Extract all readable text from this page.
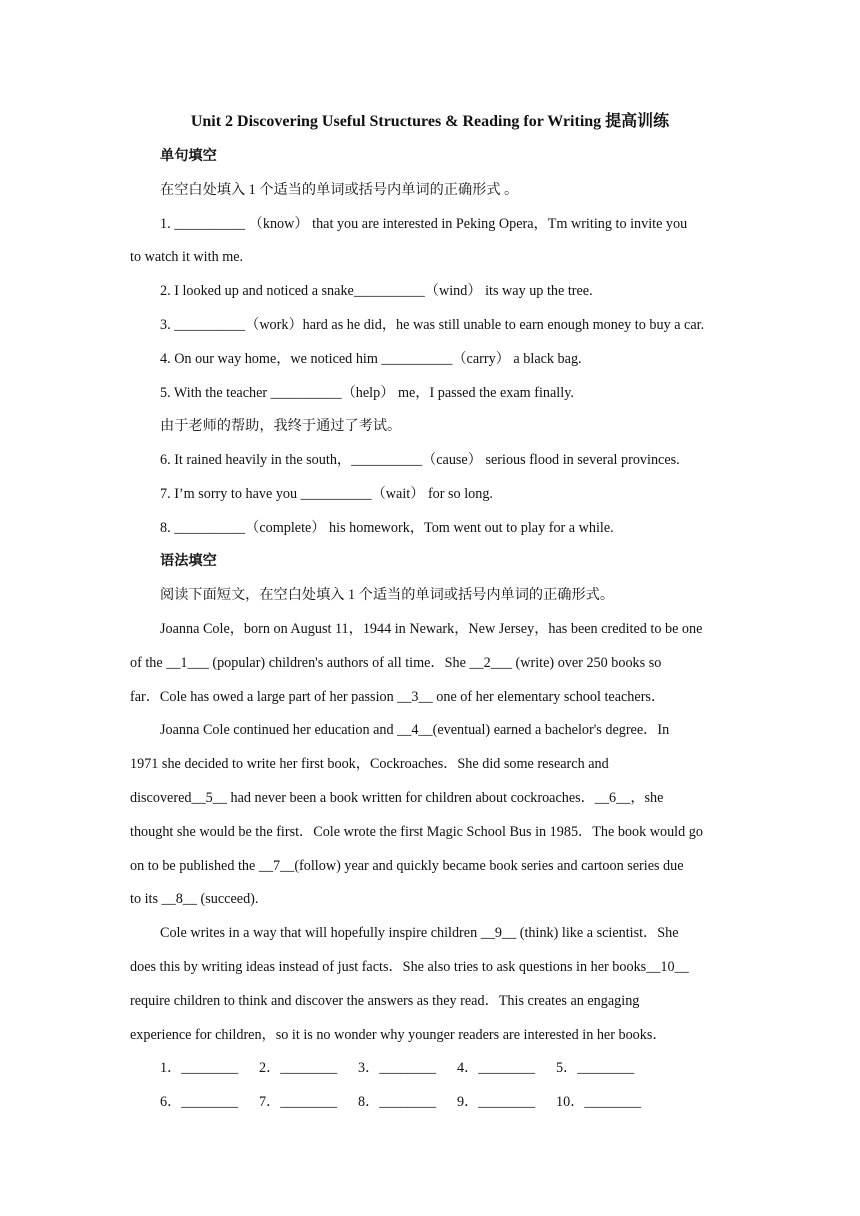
Unit 2 Discovering Useful Structures & Reading for Writing 提高训练
单句填空
在空白处填入 1 个适当的单词或括号内单词的正确形式 。
1. __________ （know） that you are interested in Peking Opera，Tm writing to invite you
to watch it with me.
2. I looked up and noticed a snake__________（wind） its way up the tree.
3. __________（work）hard as he did，he was still unable to earn enough money to buy a car.
4. On our way home，we noticed him __________（carry） a black bag.
5. With the teacher __________（help） me，I passed the exam finally.
由于老师的帮助，我终于通过了考试。
6. It rained heavily in the south，__________（cause） serious flood in several provinces.
7. I’m sorry to have you __________（wait） for so long.
8. __________（complete） his homework，Tom went out to play for a while.
语法填空
阅读下面短文，在空白处填入 1 个适当的单词或括号内单词的正确形式。
Joanna Cole，born on August 11，1944 in Newark，New Jersey，has been credited to be one
of the __1___ (popular) children's authors of all time．She __2___ (write) over 250 books so
far．Cole has owed a large part of her passion __3__ one of her elementary school teachers．
Joanna Cole continued her education and __4__(eventual) earned a bachelor's degree．In
1971 she decided to write her first book，Cockroaches．She did some research and
discovered__5__ had never been a book written for children about cockroaches．__6__，she
thought she would be the first．Cole wrote the first Magic School Bus in 1985．The book would go
on to be published the __7__(follow) year and quickly became book series and cartoon series due
to its __8__ (succeed).
Cole writes in a way that will hopefully inspire children __9__ (think) like a scientist．She
does this by writing ideas instead of just facts．She also tries to ask questions in her books__10__
require children to think and discover the answers as they read．This creates an engaging
experience for children，so it is no wonder why younger readers are interested in her books．
1．________ 2．________ 3．________ 4．________ 5．________
6．________ 7．________ 8．________ 9．________ 10．________
